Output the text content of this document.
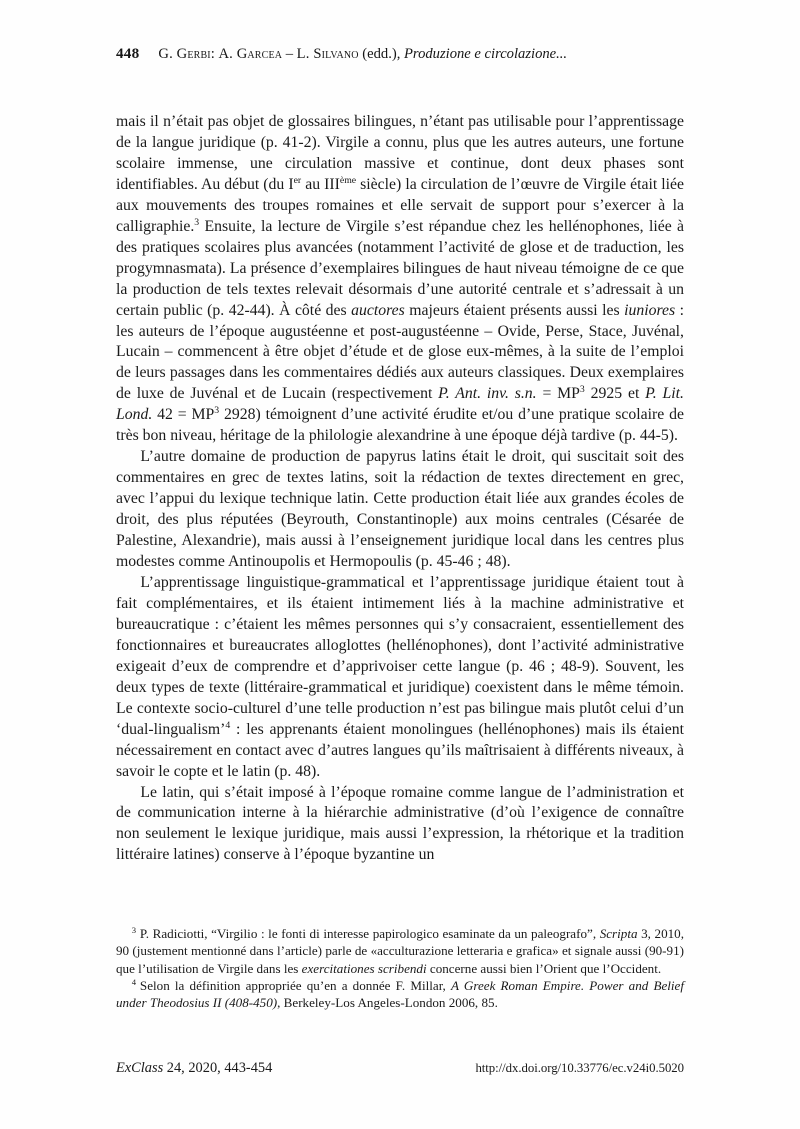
448 G. Gerbi: A. Garcea – L. Silvano (edd.), Produzione e circolazione...

mais il n’était pas objet de glossaires bilingues, n’étant pas utilisable pour l’apprentissage de la langue juridique (p. 41-2). Virgile a connu, plus que les autres auteurs, une fortune scolaire immense, une circulation massive et continue, dont deux phases sont identifiables. Au début (du Ier au IIIème siècle) la circulation de l’œuvre de Virgile était liée aux mouvements des troupes romaines et elle servait de support pour s’exercer à la calligraphie.$^3$ Ensuite, la lecture de Virgile s’est répandue chez les hellénophones, liée à des pratiques scolaires plus avancées (notamment l’activité de glose et de traduction, les progymnasmata). La présence d’exemplaires bilingues de haut niveau témoigne de ce que la production de tels textes relevait désormais d’une autorité centrale et s’adressait à un certain public (p. 42-44). À côté des auctores majeurs étaient présents aussi les iuniores : les auteurs de l’époque augustéenne et post-augustéenne – Ovide, Perse, Stace, Juvénal, Lucain – commencent à être objet d’étude et de glose eux-mêmes, à la suite de l’emploi de leurs passages dans les commentaires dédiés aux auteurs classiques. Deux exemplaires de luxe de Juvénal et de Lucain (respectivement P. Ant. inv. s.n. = $MP^3$ 2925 et P. Lit. Lond. $42 = MP^3$ 2928) témoignent d’une activité érudite et/ou d’une pratique scolaire de très bon niveau, héritage de la philologie alexandrine à une époque déjà tardive (p. 44-5).

L’autre domaine de production de papyrus latins était le droit, qui suscitait soit des commentaires en grec de textes latins, soit la rédaction de textes directement en grec, avec l’appui du lexique technique latin. Cette production était liée aux grandes écoles de droit, des plus réputées (Beyrouth, Constantinople) aux moins centrales (Césarée de Palestine, Alexandrie), mais aussi à l’enseignement juridique local dans les centres plus modestes comme Antinoupolis et Hermopoulis (p. 45-46 ; 48).

L’apprentissage linguistique-grammatical et l’apprentissage juridique étaient tout à fait complémentaires, et ils étaient intimement liés à la machine administrative et bureaucratique : c’étaient les mêmes personnes qui s’y consacraient, essentiellement des fonctionnaires et bureaucrates alloglottes (hellénophones), dont l’activité administrative exigeait d’eux de comprendre et d’apprivoiser cette langue (p. 46 ; 48-9). Souvent, les deux types de texte (littéraire-grammatical et juridique) coexistent dans le même témoin. Le contexte socio-culturel d’une telle production n’est pas bilingue mais plutôt celui d’un ‘dual-lingualism’$^4$ : les apprenants étaient monolingues (hellénophones) mais ils étaient nécessairement en contact avec d’autres langues qu’ils maîtrisaient à différents niveaux, à savoir le copte et le latin (p. 48).

Le latin, qui s’était imposé à l’époque romaine comme langue de l’administration et de communication interne à la hiérarchie administrative (d’où l’exigence de connaître non seulement le lexique juridique, mais aussi l’expression, la rhétorique et la tradition littéraire latines) conserve à l’époque byzantine un

$^3$ P. Radiciotti, “Virgilio : le fonti di interesse papirologico esaminate da un paleografo”, Scripta 3, 2010, 90 (justement mentionné dans l’article) parle de «acculturazione letteraria e grafica» et signale aussi (90-91) que l’utilisation de Virgile dans les exercitationes scribendi concerne aussi bien l’Orient que l’Occident.

$^4$ Selon la définition appropriée qu’en a donnée F. Millar, A Greek Roman Empire. Power and Belief under Theodosius II (408-450), Berkeley-Los Angeles-London 2006, 85.

ExClass 24, 2020, 443-454	http://dx.doi.org/10.33776/ec.v24i0.5020
